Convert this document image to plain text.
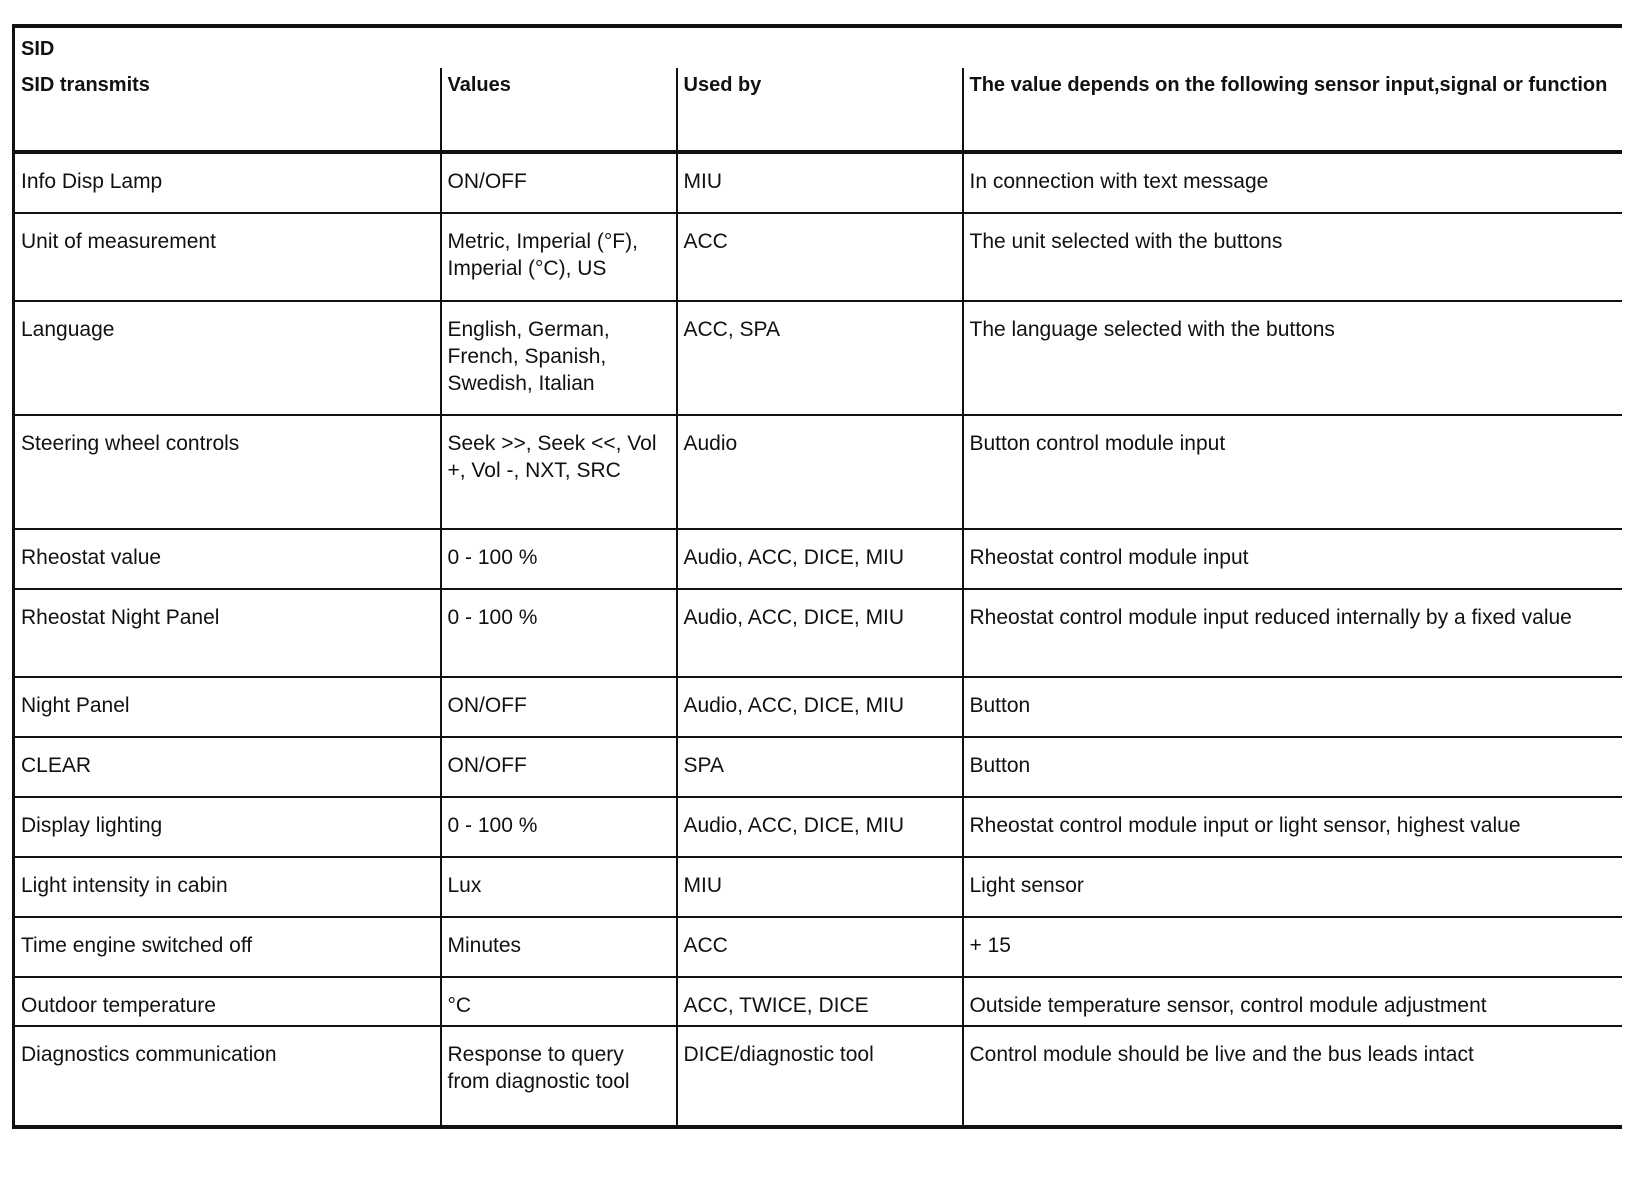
SID			
SID transmits	Values	Used by	The value depends on the following sensor input,signal or function
Info Disp Lamp	ON/OFF	MIU	In connection with text message
Unit of measurement	Metric, Imperial (°F), Imperial (°C), US	ACC	The unit selected with the buttons
Language	English, German, French, Spanish, Swedish, Italian	ACC, SPA	The language selected with the buttons
Steering wheel controls	Seek >>, Seek <<, Vol +, Vol -, NXT, SRC	Audio	Button control module input
Rheostat value	0 - 100 %	Audio, ACC, DICE, MIU	Rheostat control module input
Rheostat Night Panel	0 - 100 %	Audio, ACC, DICE, MIU	Rheostat control module input reduced internally by a fixed value
Night Panel	ON/OFF	Audio, ACC, DICE, MIU	Button
CLEAR	ON/OFF	SPA	Button
Display lighting	0 - 100 %	Audio, ACC, DICE, MIU	Rheostat control module input or light sensor, highest value
Light intensity in cabin	Lux	MIU	Light sensor
Time engine switched off	Minutes	ACC	+ 15
Outdoor temperature	°C	ACC, TWICE, DICE	Outside temperature sensor, control module adjustment
Diagnostics communication	Response to query from diagnostic tool	DICE/diagnostic tool	Control module should be live and the bus leads intact
